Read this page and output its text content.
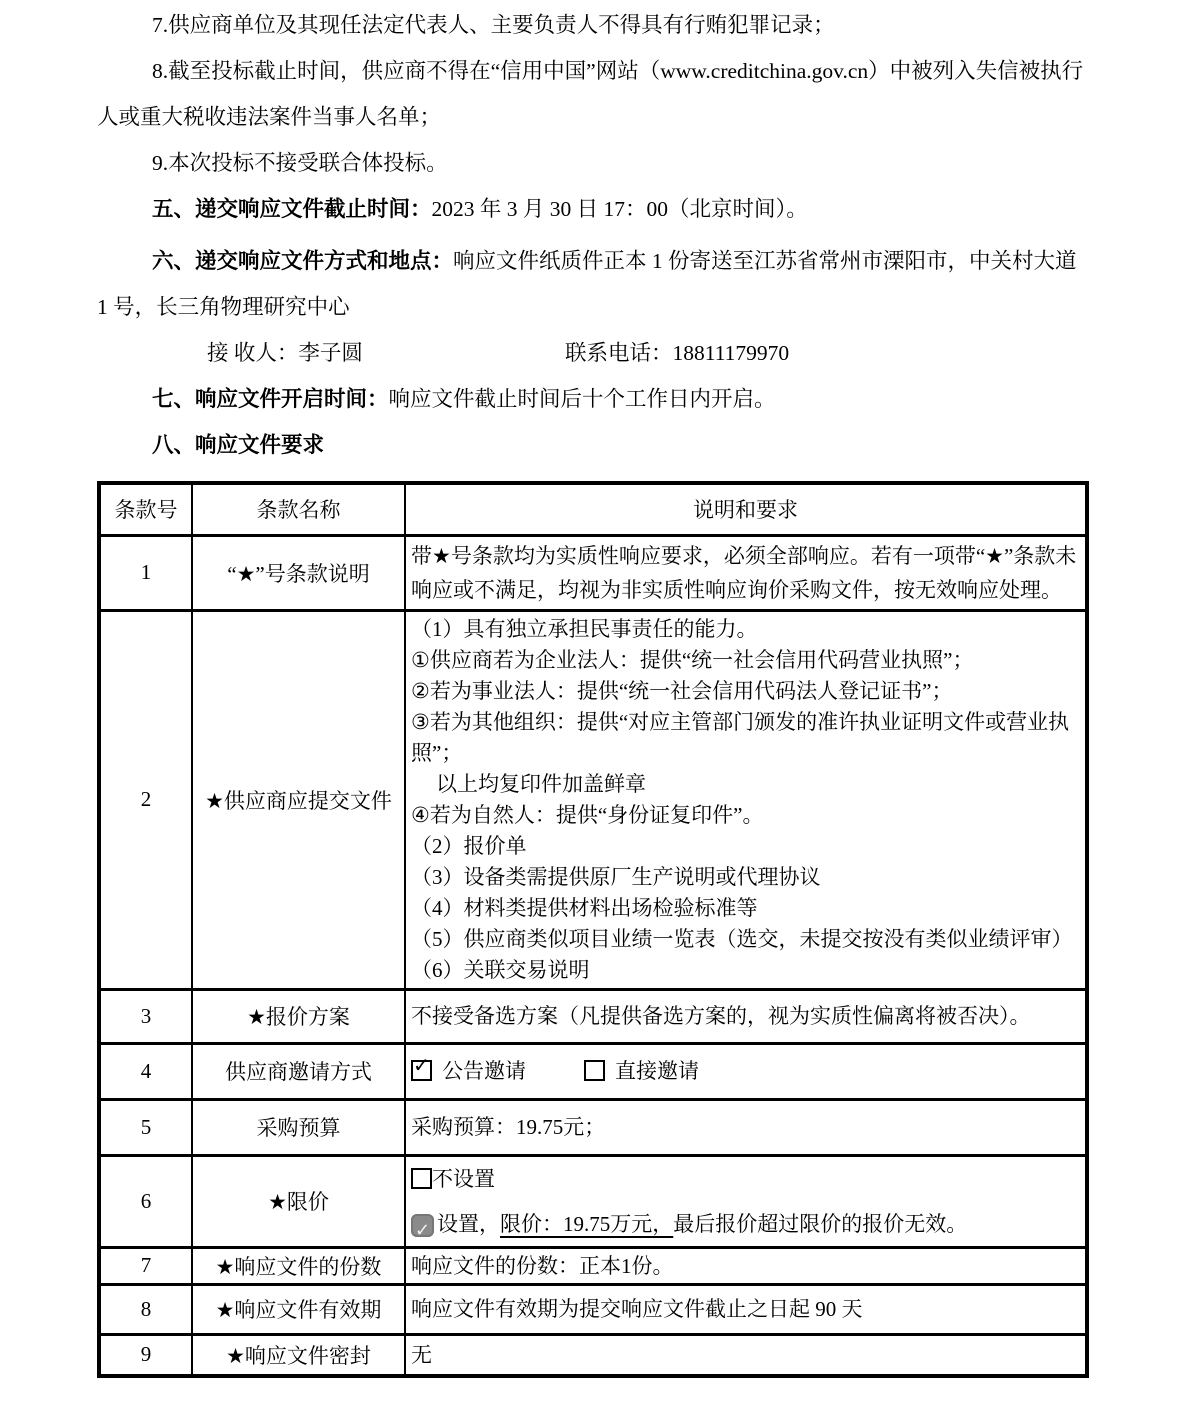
7.供应商单位及其现任法定代表人、主要负责人不得具有行贿犯罪记录；

8.截至投标截止时间，供应商不得在“信用中国”网站（www.creditchina.gov.cn）中被列入失信被执行人或重大税收违法案件当事人名单；

9.本次投标不接受联合体投标。

五、递交响应文件截止时间：2023 年 3 月 30 日 17：00（北京时间）。

六、递交响应文件方式和地点：响应文件纸质件正本 1 份寄送至江苏省常州市溧阳市，中关村大道 1 号，长三角物理研究中心

接 收人：李子圆	联系电话：18811179970

七、响应文件开启时间：响应文件截止时间后十个工作日内开启。

八、响应文件要求

条款号	条款名称	说明和要求
1	“★”号条款说明	带★号条款均为实质性响应要求，必须全部响应。若有一项带“★”条款未响应或不满足，均视为非实质性响应询价采购文件，按无效响应处理。
2	★供应商应提交文件	
（1）具有独立承担民事责任的能力。
①供应商若为企业法人：提供“统一社会信用代码营业执照”；
②若为事业法人：提供“统一社会信用代码法人登记证书”；
③若为其他组织：提供“对应主管部门颁发的准许执业证明文件或营业执照”；
以上均复印件加盖鲜章
④若为自然人：提供“身份证复印件”。
（2）报价单
（3）设备类需提供原厂生产说明或代理协议
（4）材料类提供材料出场检验标准等
（5）供应商类似项目业绩一览表（选交，未提交按没有类似业绩评审）
（6）关联交易说明

3	★报价方案	不接受备选方案（凡提供备选方案的，视为实质性偏离将被否决）。
4	供应商邀请方式	✓ 公告邀请 直接邀请
5	采购预算	采购预算：19.75元；
6	★限价	不设置
✓ 设置，限价：19.75万元，最后报价超过限价的报价无效。

7	★响应文件的份数	响应文件的份数：正本1份。
8	★响应文件有效期	响应文件有效期为提交响应文件截止之日起 90 天
9	★响应文件密封	无
